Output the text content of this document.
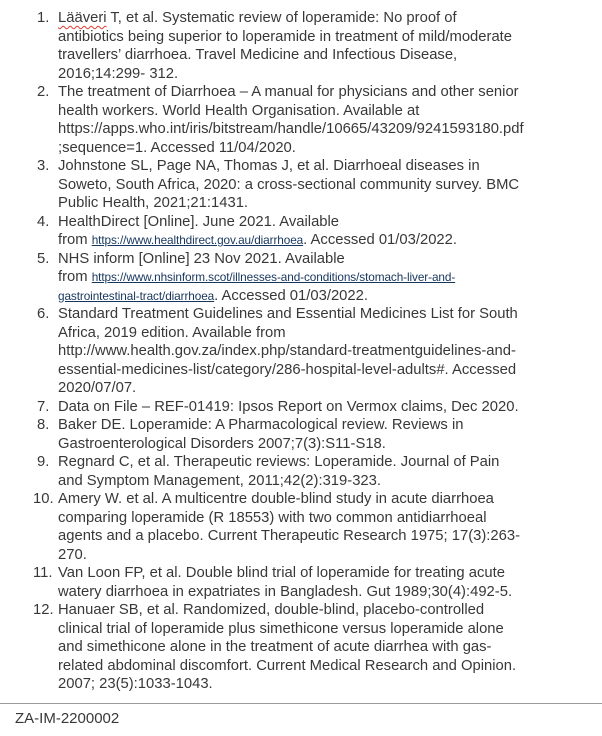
1. Lääveri T, et al. Systematic review of loperamide: No proof of
antibiotics being superior to loperamide in treatment of mild/moderate
travellers’ diarrhoea. Travel Medicine and Infectious Disease,
2016;14:299- 312.
2. The treatment of Diarrhoea – A manual for physicians and other senior
health workers. World Health Organisation. Available at
https://apps.who.int/iris/bitstream/handle/10665/43209/9241593180.pdf
;sequence=1. Accessed 11/04/2020.
3. Johnstone SL, Page NA, Thomas J, et al. Diarrhoeal diseases in
Soweto, South Africa, 2020: a cross-sectional community survey. BMC
Public Health, 2021;21:1431.
4. HealthDirect [Online]. June 2021. Available
from https://www.healthdirect.gov.au/diarrhoea. Accessed 01/03/2022.
5. NHS inform [Online] 23 Nov 2021. Available
from https://www.nhsinform.scot/illnesses-and-conditions/stomach-liver-and-
gastrointestinal-tract/diarrhoea. Accessed 01/03/2022.
6. Standard Treatment Guidelines and Essential Medicines List for South
Africa, 2019 edition. Available from
http://www.health.gov.za/index.php/standard-treatmentguidelines-and-
essential-medicines-list/category/286-hospital-level-adults#. Accessed
2020/07/07.
7. Data on File – REF-01419: Ipsos Report on Vermox claims, Dec 2020.
8. Baker DE. Loperamide: A Pharmacological review. Reviews in
Gastroenterological Disorders 2007;7(3):S11-S18.
9. Regnard C, et al. Therapeutic reviews: Loperamide. Journal of Pain
and Symptom Management, 2011;42(2):319-323.
10. Amery W. et al. A multicentre double-blind study in acute diarrhoea
comparing loperamide (R 18553) with two common antidiarrhoeal
agents and a placebo. Current Therapeutic Research 1975; 17(3):263-
270.
11. Van Loon FP, et al. Double blind trial of loperamide for treating acute
watery diarrhoea in expatriates in Bangladesh. Gut 1989;30(4):492-5.
12. Hanuaer SB, et al. Randomized, double-blind, placebo-controlled
clinical trial of loperamide plus simethicone versus loperamide alone
and simethicone alone in the treatment of acute diarrhea with gas-
related abdominal discomfort. Current Medical Research and Opinion.
2007; 23(5):1033-1043.
ZA-IM-2200002
